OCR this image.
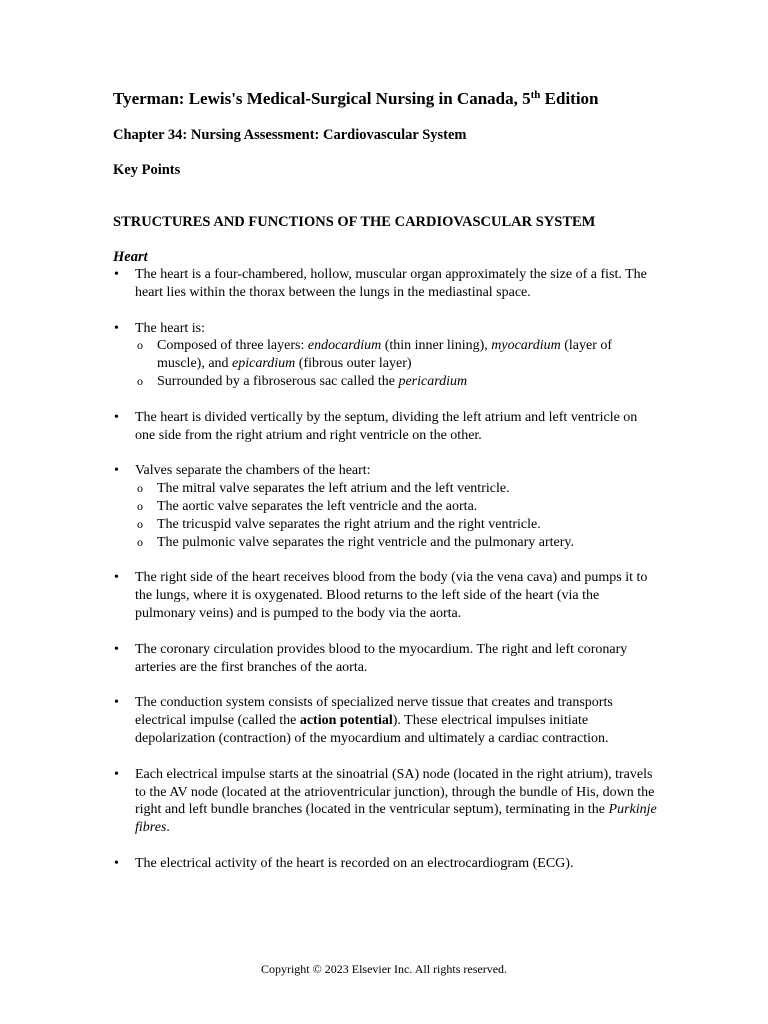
Tyerman: Lewis's Medical-Surgical Nursing in Canada, 5th Edition
Chapter 34: Nursing Assessment: Cardiovascular System
Key Points
STRUCTURES AND FUNCTIONS OF THE CARDIOVASCULAR SYSTEM
Heart
• The heart is a four-chambered, hollow, muscular organ approximately the size of a fist. The heart lies within the thorax between the lungs in the mediastinal space.
• The heart is:
o Composed of three layers: endocardium (thin inner lining), myocardium (layer of muscle), and epicardium (fibrous outer layer)
o Surrounded by a fibroserous sac called the pericardium
• The heart is divided vertically by the septum, dividing the left atrium and left ventricle on one side from the right atrium and right ventricle on the other.
• Valves separate the chambers of the heart:
o The mitral valve separates the left atrium and the left ventricle.
o The aortic valve separates the left ventricle and the aorta.
o The tricuspid valve separates the right atrium and the right ventricle.
o The pulmonic valve separates the right ventricle and the pulmonary artery.
• The right side of the heart receives blood from the body (via the vena cava) and pumps it to the lungs, where it is oxygenated. Blood returns to the left side of the heart (via the pulmonary veins) and is pumped to the body via the aorta.
• The coronary circulation provides blood to the myocardium. The right and left coronary arteries are the first branches of the aorta.
• The conduction system consists of specialized nerve tissue that creates and transports electrical impulse (called the action potential). These electrical impulses initiate depolarization (contraction) of the myocardium and ultimately a cardiac contraction.
• Each electrical impulse starts at the sinoatrial (SA) node (located in the right atrium), travels to the AV node (located at the atrioventricular junction), through the bundle of His, down the right and left bundle branches (located in the ventricular septum), terminating in the Purkinje fibres.
• The electrical activity of the heart is recorded on an electrocardiogram (ECG).
Copyright © 2023 Elsevier Inc. All rights reserved.
